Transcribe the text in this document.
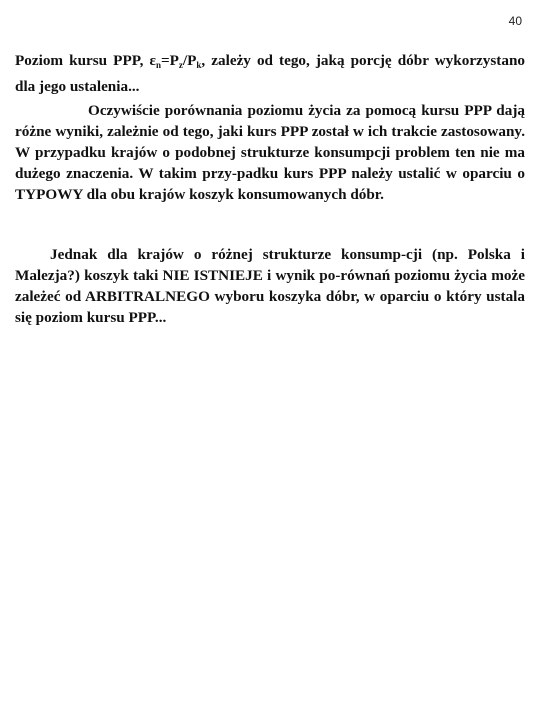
40

Poziom kursu PPP, $\varepsilon_n=P_z/P_k$, zależy od tego, jaką porcję dóbr wykorzystano dla jego ustalenia...

Oczywiście porównania poziomu życia za pomocą kursu PPP dają różne wyniki, zależnie od tego, jaki kurs PPP został w ich trakcie zastosowany. W przypadku krajów o podobnej strukturze konsumpcji problem ten nie ma dużego znaczenia. W takim przy-padku kurs PPP należy ustalić w oparciu o TYPOWY dla obu krajów koszyk konsumowanych dóbr.

Jednak dla krajów o różnej strukturze konsump-cji (np. Polska i Malezja?) koszyk taki NIE ISTNIEJE i wynik po-równań poziomu życia może zależeć od ARBITRALNEGO wyboru koszyka dóbr, w oparciu o który ustala się poziom kursu PPP...
